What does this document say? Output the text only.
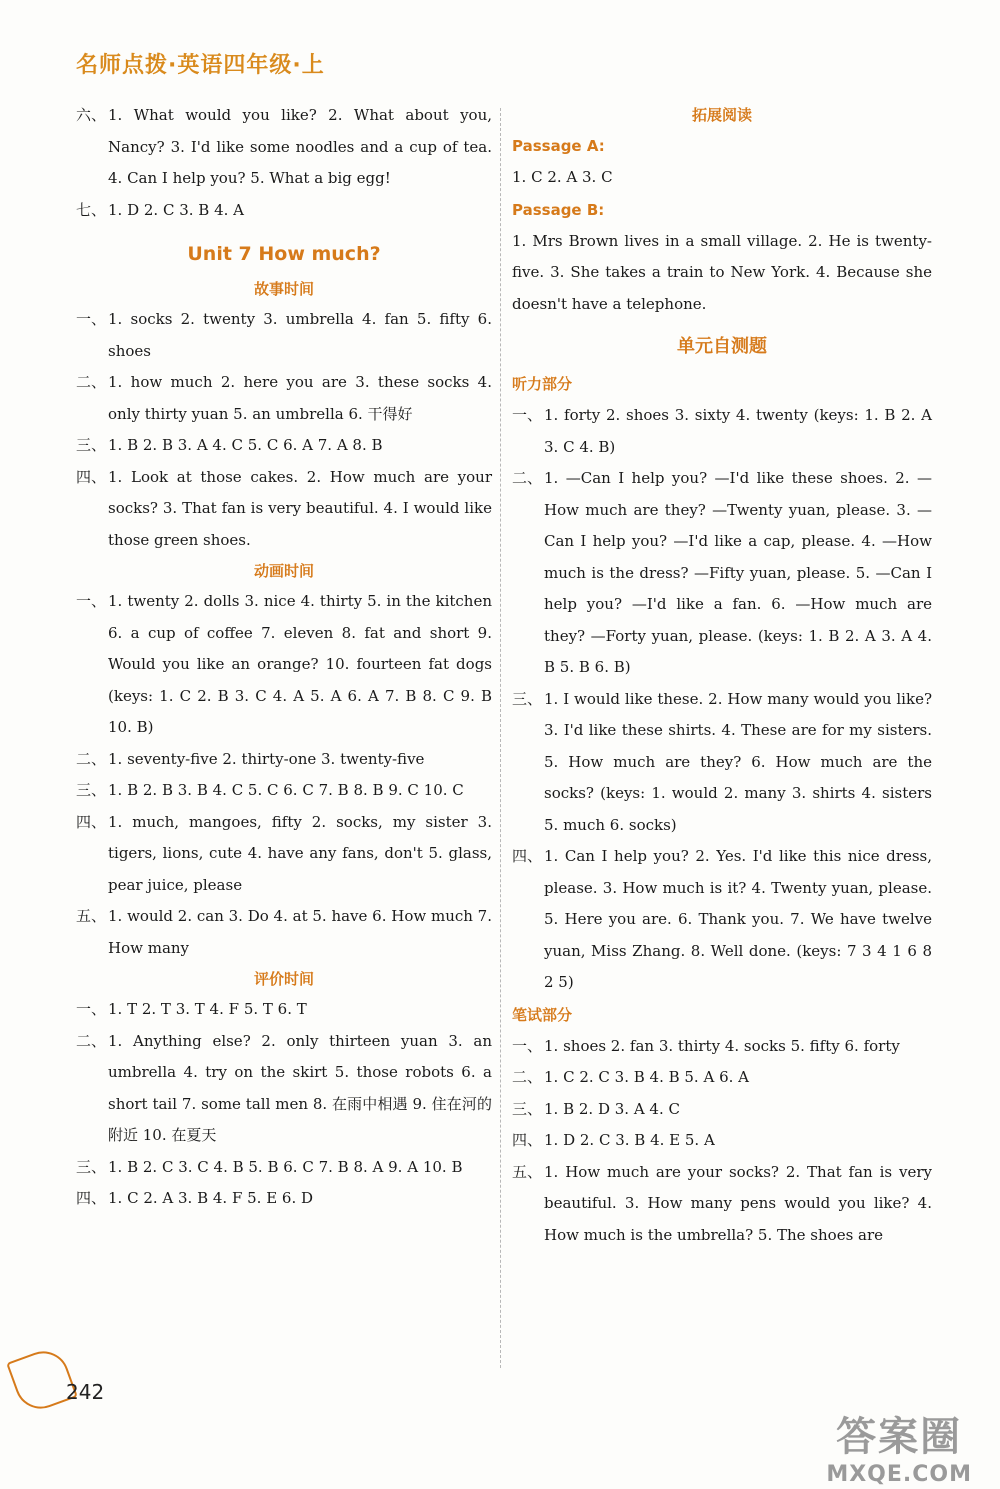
名师点拨·英语四年级·上
六、 1. What would you like? 2. What about you, Nancy? 3. I'd like some noodles and a cup of tea. 4. Can I help you? 5. What a big egg!
七、 1. D 2. C 3. B 4. A
Unit 7 How much?
故事时间
一、 1. socks 2. twenty 3. umbrella 4. fan 5. fifty 6. shoes
二、 1. how much 2. here you are 3. these socks 4. only thirty yuan 5. an umbrella 6. 干得好
三、 1. B 2. B 3. A 4. C 5. C 6. A 7. A 8. B
四、 1. Look at those cakes. 2. How much are your socks? 3. That fan is very beautiful. 4. I would like those green shoes.
动画时间
一、 1. twenty 2. dolls 3. nice 4. thirty 5. in the kitchen 6. a cup of coffee 7. eleven 8. fat and short 9. Would you like an orange? 10. fourteen fat dogs (keys: 1. C 2. B 3. C 4. A 5. A 6. A 7. B 8. C 9. B 10. B)
二、 1. seventy-five 2. thirty-one 3. twenty-five
三、 1. B 2. B 3. B 4. C 5. C 6. C 7. B 8. B 9. C 10. C
四、 1. much, mangoes, fifty 2. socks, my sister 3. tigers, lions, cute 4. have any fans, don't 5. glass, pear juice, please
五、 1. would 2. can 3. Do 4. at 5. have 6. How much 7. How many
评价时间
一、 1. T 2. T 3. T 4. F 5. T 6. T
二、 1. Anything else? 2. only thirteen yuan 3. an umbrella 4. try on the skirt 5. those robots 6. a short tail 7. some tall men 8. 在雨中相遇 9. 住在河的附近 10. 在夏天
三、 1. B 2. C 3. C 4. B 5. B 6. C 7. B 8. A 9. A 10. B
四、 1. C 2. A 3. B 4. F 5. E 6. D
拓展阅读
Passage A:
1. C 2. A 3. C
Passage B:
1. Mrs Brown lives in a small village. 2. He is twenty-five. 3. She takes a train to New York. 4. Because she doesn't have a telephone.
单元自测题
听力部分
一、 1. forty 2. shoes 3. sixty 4. twenty (keys: 1. B 2. A 3. C 4. B)
二、 1. —Can I help you? —I'd like these shoes. 2. —How much are they? —Twenty yuan, please. 3. —Can I help you? —I'd like a cap, please. 4. —How much is the dress? —Fifty yuan, please. 5. —Can I help you? —I'd like a fan. 6. —How much are they? —Forty yuan, please. (keys: 1. B 2. A 3. A 4. B 5. B 6. B)
三、 1. I would like these. 2. How many would you like? 3. I'd like these shirts. 4. These are for my sisters. 5. How much are they? 6. How much are the socks? (keys: 1. would 2. many 3. shirts 4. sisters 5. much 6. socks)
四、 1. Can I help you? 2. Yes. I'd like this nice dress, please. 3. How much is it? 4. Twenty yuan, please. 5. Here you are. 6. Thank you. 7. We have twelve yuan, Miss Zhang. 8. Well done. (keys: 7 3 4 1 6 8 2 5)
笔试部分
一、 1. shoes 2. fan 3. thirty 4. socks 5. fifty 6. forty
二、 1. C 2. C 3. B 4. B 5. A 6. A
三、 1. B 2. D 3. A 4. C
四、 1. D 2. C 3. B 4. E 5. A
五、 1. How much are your socks? 2. That fan is very beautiful. 3. How many pens would you like? 4. How much is the umbrella? 5. The shoes are
242
答案圈
MXQE.COM
